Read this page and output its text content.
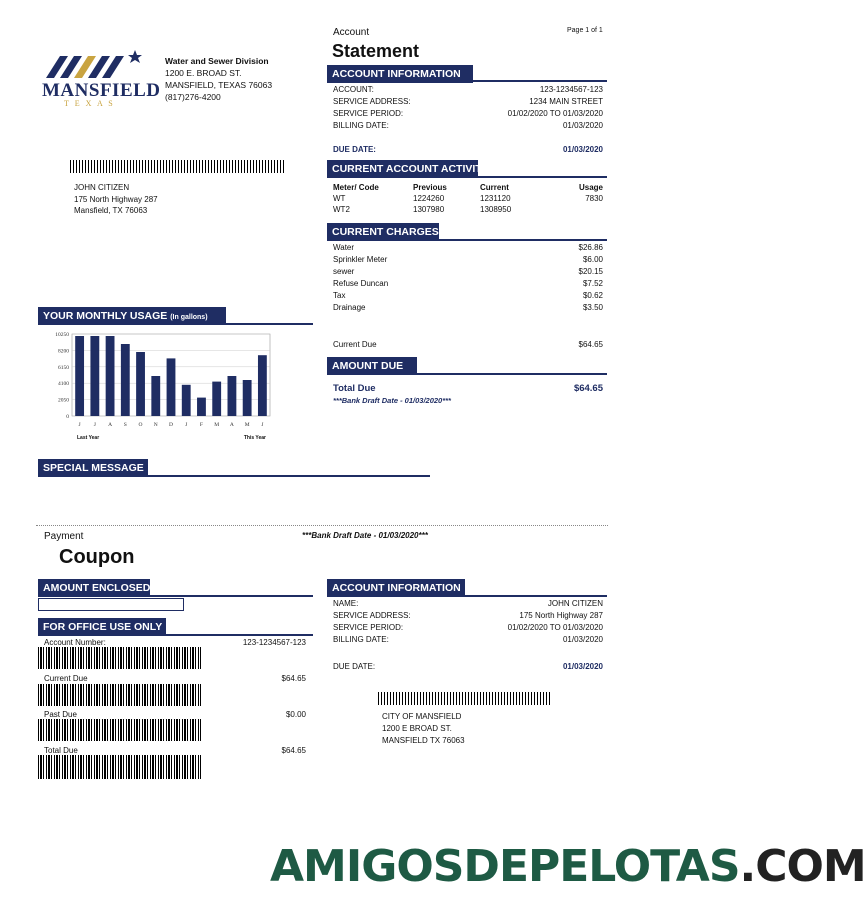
MANSFIELD
T E X A S
Water and Sewer Division
1200 E. BROAD ST.
MANSFIELD, TEXAS 76063
(817)276-4200
JOHN CITIZEN
175 North Highway 287
Mansfield, TX 76063
Account
Statement
Page 1 of 1
ACCOUNT INFORMATION
ACCOUNT:	123-1234567-123
SERVICE ADDRESS:	1234 MAIN STREET
SERVICE PERIOD:	01/02/2020 TO 01/03/2020
BILLING DATE:	01/03/2020
DUE DATE:	01/03/2020
CURRENT ACCOUNT ACTIVITY
Meter/ Code	Previous	Current	Usage
WT	1224260	1231120	7830
WT2	1307980	1308950
CURRENT CHARGES
Water	$26.86
Sprinkler Meter	$6.00
sewer	$20.15
Refuse Duncan	$7.52
Tax	$0.62
Drainage	$3.50
Current Due	$64.65
AMOUNT DUE
Total Due	$64.65
***Bank Draft Date - 01/03/2020***
YOUR MONTHLY USAGE (In gallons)
10250
8200
6150
4100
2050
0
J J A S O N D J F M A M J
Last Year	This Year
SPECIAL MESSAGE
Payment
Coupon
***Bank Draft Date - 01/03/2020***
AMOUNT ENCLOSED
FOR OFFICE USE ONLY
Account Number:	123-1234567-123
Current Due	$64.65
Past Due	$0.00
Total Due	$64.65
ACCOUNT INFORMATION
NAME:	JOHN CITIZEN
SERVICE ADDRESS:	175 North Highway 287
SERVICE PERIOD:	01/02/2020 TO 01/03/2020
BILLING DATE:	01/03/2020
DUE DATE:	01/03/2020
CITY OF MANSFIELD
1200 E BROAD ST.
MANSFIELD TX 76063
AMIGOSDEPELOTAS.COM
